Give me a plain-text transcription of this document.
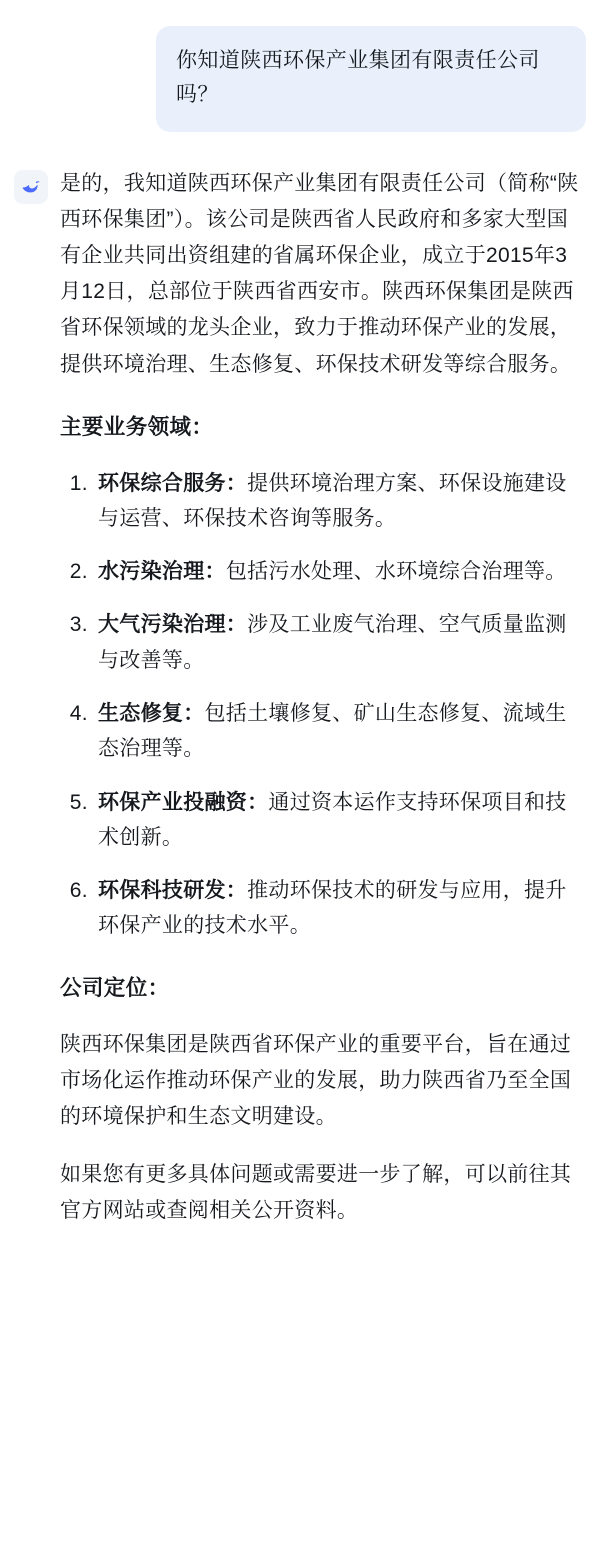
你知道陕西环保产业集团有限责任公司吗？

是的，我知道陕西环保产业集团有限责任公司（简称“陕西环保集团”）。该公司是陕西省人民政府和多家大型国有企业共同出资组建的省属环保企业，成立于2015年3月12日，总部位于陕西省西安市。陕西环保集团是陕西省环保领域的龙头企业，致力于推动环保产业的发展，提供环境治理、生态修复、环保技术研发等综合服务。

主要业务领域：
1. 环保综合服务：提供环境治理方案、环保设施建设与运营、环保技术咨询等服务。
2. 水污染治理：包括污水处理、水环境综合治理等。
3. 大气污染治理：涉及工业废气治理、空气质量监测与改善等。
4. 生态修复：包括土壤修复、矿山生态修复、流域生态治理等。
5. 环保产业投融资：通过资本运作支持环保项目和技术创新。
6. 环保科技研发：推动环保技术的研发与应用，提升环保产业的技术水平。
公司定位：

陕西环保集团是陕西省环保产业的重要平台，旨在通过市场化运作推动环保产业的发展，助力陕西省乃至全国的环境保护和生态文明建设。

如果您有更多具体问题或需要进一步了解，可以前往其官方网站或查阅相关公开资料。
